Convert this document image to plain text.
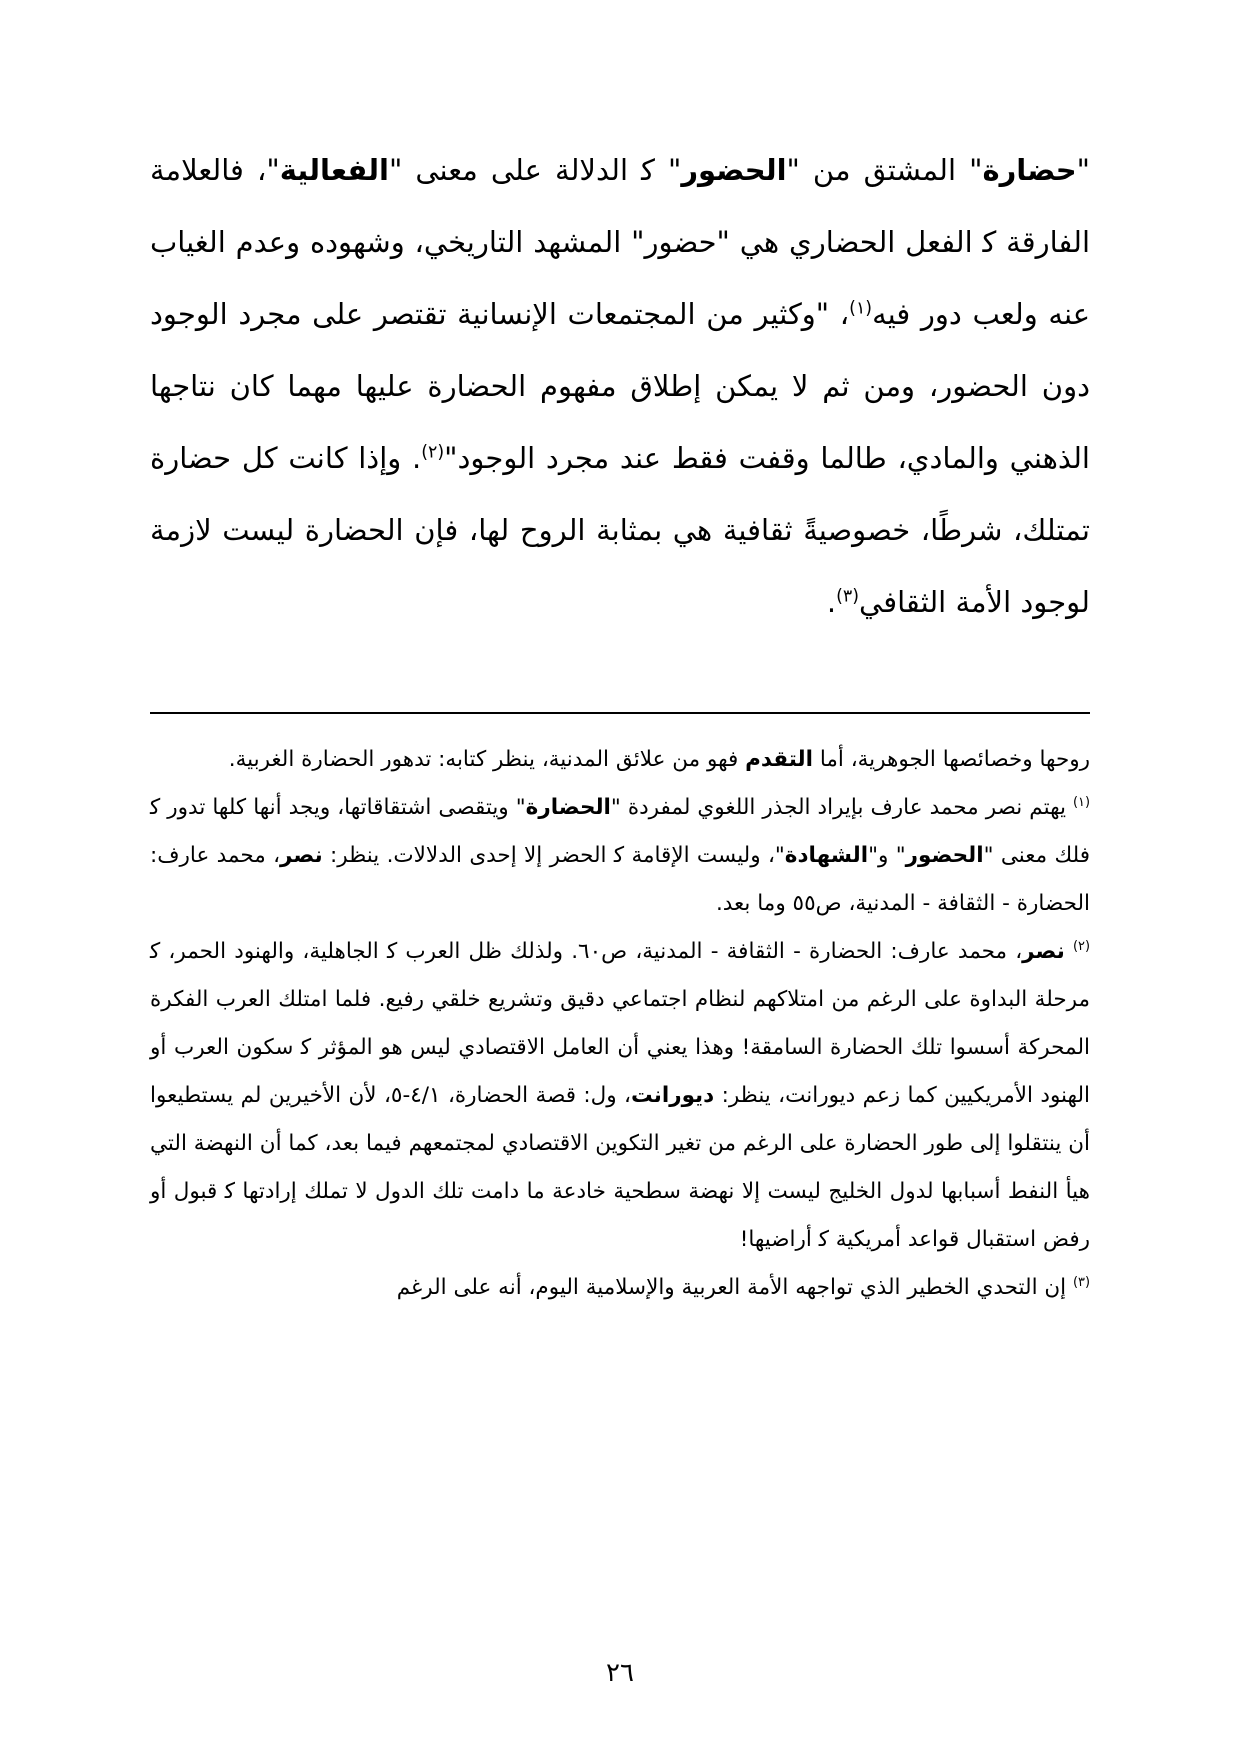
"حضارة" المشتق من "الحضور" ﮐ الدلالة على معنى "الفعالية"، فالعلامة الفارقة ﮐ الفعل الحضاري هي "حضور" المشهد التاريخي، وشهوده وعدم الغياب عنه ولعب دور فيه$^{(١)}$، "وكثير من المجتمعات الإنسانية تقتصر على مجرد الوجود دون الحضور، ومن ثم لا يمكن إطلاق مفهوم الحضارة عليها مهما كان نتاجها الذهني والمادي، طالما وقفت فقط عند مجرد الوجود"$^{(٢)}$. وإذا كانت كل حضارة تمتلك، شرطًا، خصوصيةً ثقافية هي بمثابة الروح لها، فإن الحضارة ليست لازمة لوجود الأمة الثقافي$^{(٣)}$.

روحها وخصائصها الجوهرية، أما التقدم فهو من علائق المدنية، ينظر كتابه: تدهور الحضارة الغربية.

$^{(١)}$ يهتم نصر محمد عارف بإيراد الجذر اللغوي لمفردة "الحضارة" ويتقصى اشتقاقاتها، ويجد أنها كلها تدور ﮐ فلك معنى "الحضور" و"الشهادة"، وليست الإقامة ﮐ الحضر إلا إحدى الدلالات. ينظر: نصر، محمد عارف: الحضارة - الثقافة - المدنية، ص٥٥ وما بعد.

$^{(٢)}$ نصر، محمد عارف: الحضارة - الثقافة - المدنية، ص٦٠. ولذلك ظل العرب ﮐ الجاهلية، والهنود الحمر، ﮐ مرحلة البداوة على الرغم من امتلاكهم لنظام اجتماعي دقيق وتشريع خلقي رفيع. فلما امتلك العرب الفكرة المحركة أسسوا تلك الحضارة السامقة! وهذا يعني أن العامل الاقتصادي ليس هو المؤثر ﮐ سكون العرب أو الهنود الأمريكيين كما زعم ديورانت، ينظر: ديورانت، ول: قصة الحضارة، ٤/١-٥، لأن الأخيرين لم يستطيعوا أن ينتقلوا إلى طور الحضارة على الرغم من تغير التكوين الاقتصادي لمجتمعهم فيما بعد، كما أن النهضة التي هيأ النفط أسبابها لدول الخليج ليست إلا نهضة سطحية خادعة ما دامت تلك الدول لا تملك إرادتها ﮐ قبول أو رفض استقبال قواعد أمريكية ﮐ أراضيها!

$^{(٣)}$ إن التحدي الخطير الذي تواجهه الأمة العربية والإسلامية اليوم، أنه على الرغم

٢٦
